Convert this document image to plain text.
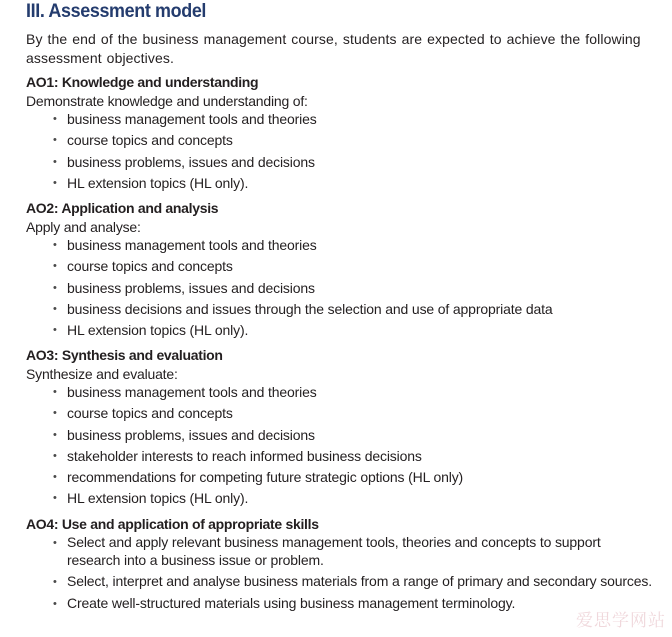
III. Assessment model

By the end of the business management course, students are expected to achieve the following assessment objectives.

AO1: Knowledge and understanding

Demonstrate knowledge and understanding of:

• business management tools and theories
• course topics and concepts
• business problems, issues and decisions
• HL extension topics (HL only).

AO2: Application and analysis

Apply and analyse:

• business management tools and theories
• course topics and concepts
• business problems, issues and decisions
• business decisions and issues through the selection and use of appropriate data
• HL extension topics (HL only).

AO3: Synthesis and evaluation

Synthesize and evaluate:

• business management tools and theories
• course topics and concepts
• business problems, issues and decisions
• stakeholder interests to reach informed business decisions
• recommendations for competing future strategic options (HL only)
• HL extension topics (HL only).

AO4: Use and application of appropriate skills

• Select and apply relevant business management tools, theories and concepts to support research into a business issue or problem.
• Select, interpret and analyse business materials from a range of primary and secondary sources.
• Create well-structured materials using business management terminology.
爱思学网站
